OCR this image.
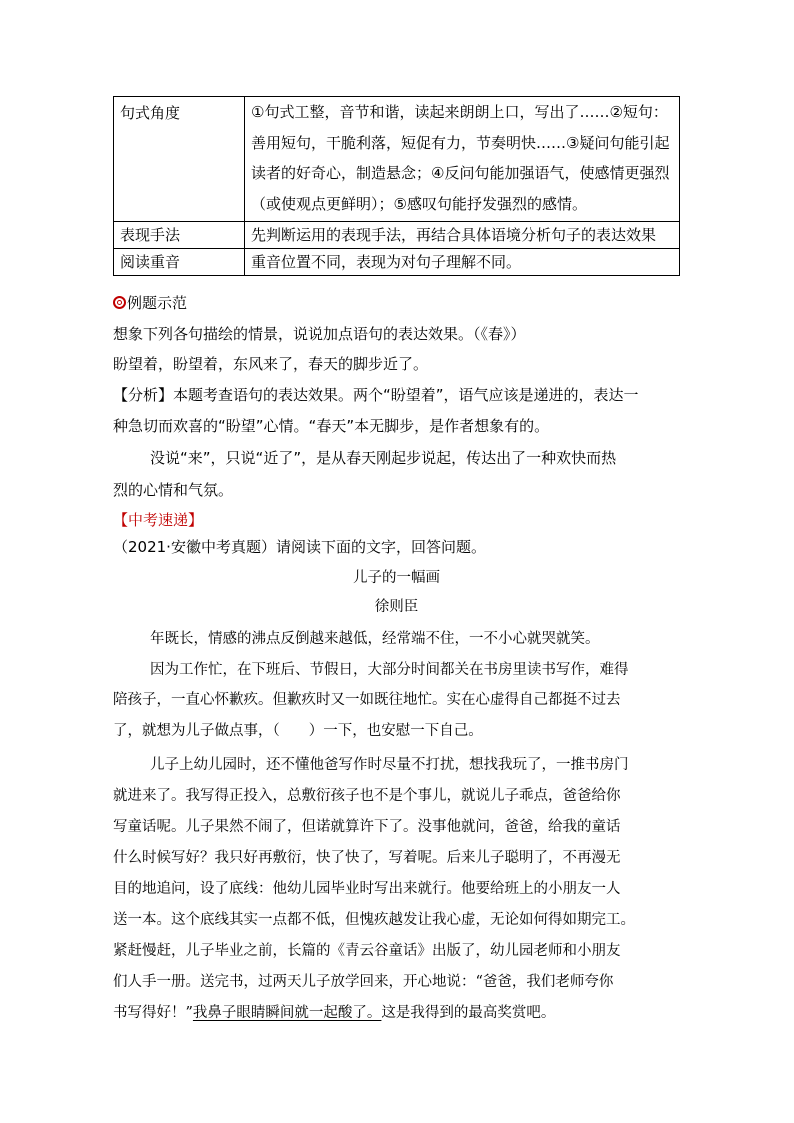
句式角度	①句式工整，音节和谐，读起来朗朗上口，写出了……②短句：善用短句，干脆利落，短促有力，节奏明快……③疑问句能引起读者的好奇心，制造悬念；④反问句能加强语气，使感情更强烈（或使观点更鲜明）；⑤感叹句能抒发强烈的感情。
表现手法	先判断运用的表现手法，再结合具体语境分析句子的表达效果
阅读重音	重音位置不同，表现为对句子理解不同。
例题示范
想象下列各句描绘的情景，说说加点语句的表达效果。（《春》）
盼望着，盼望着，东风来了，春天的脚步近了。
【分析】本题考查语句的表达效果。两个“盼望着”，语气应该是递进的，表达一
种急切而欢喜的“盼望”心情。“春天”本无脚步，是作者想象有的。
没说“来”，只说“近了”，是从春天刚起步说起，传达出了一种欢快而热
烈的心情和气氛。
【中考速递】
（2021·安徽中考真题）请阅读下面的文字，回答问题。
儿子的一幅画
徐则臣
年既长，情感的沸点反倒越来越低，经常端不住，一不小心就哭就笑。
因为工作忙，在下班后、节假日，大部分时间都关在书房里读书写作，难得
陪孩子，一直心怀歉疚。但歉疚时又一如既往地忙。实在心虚得自己都挺不过去
了，就想为儿子做点事，（　　）一下，也安慰一下自己。
儿子上幼儿园时，还不懂他爸写作时尽量不打扰，想找我玩了，一推书房门
就进来了。我写得正投入，总敷衍孩子也不是个事儿，就说儿子乖点，爸爸给你
写童话呢。儿子果然不闹了，但诺就算许下了。没事他就问，爸爸，给我的童话
什么时候写好？我只好再敷衍，快了快了，写着呢。后来儿子聪明了，不再漫无
目的地追问，设了底线：他幼儿园毕业时写出来就行。他要给班上的小朋友一人
送一本。这个底线其实一点都不低，但愧疚越发让我心虚，无论如何得如期完工。
紧赶慢赶，儿子毕业之前，长篇的《青云谷童话》出版了，幼儿园老师和小朋友
们人手一册。送完书，过两天儿子放学回来，开心地说：“爸爸，我们老师夸你
书写得好！”我鼻子眼睛瞬间就一起酸了。这是我得到的最高奖赏吧。
